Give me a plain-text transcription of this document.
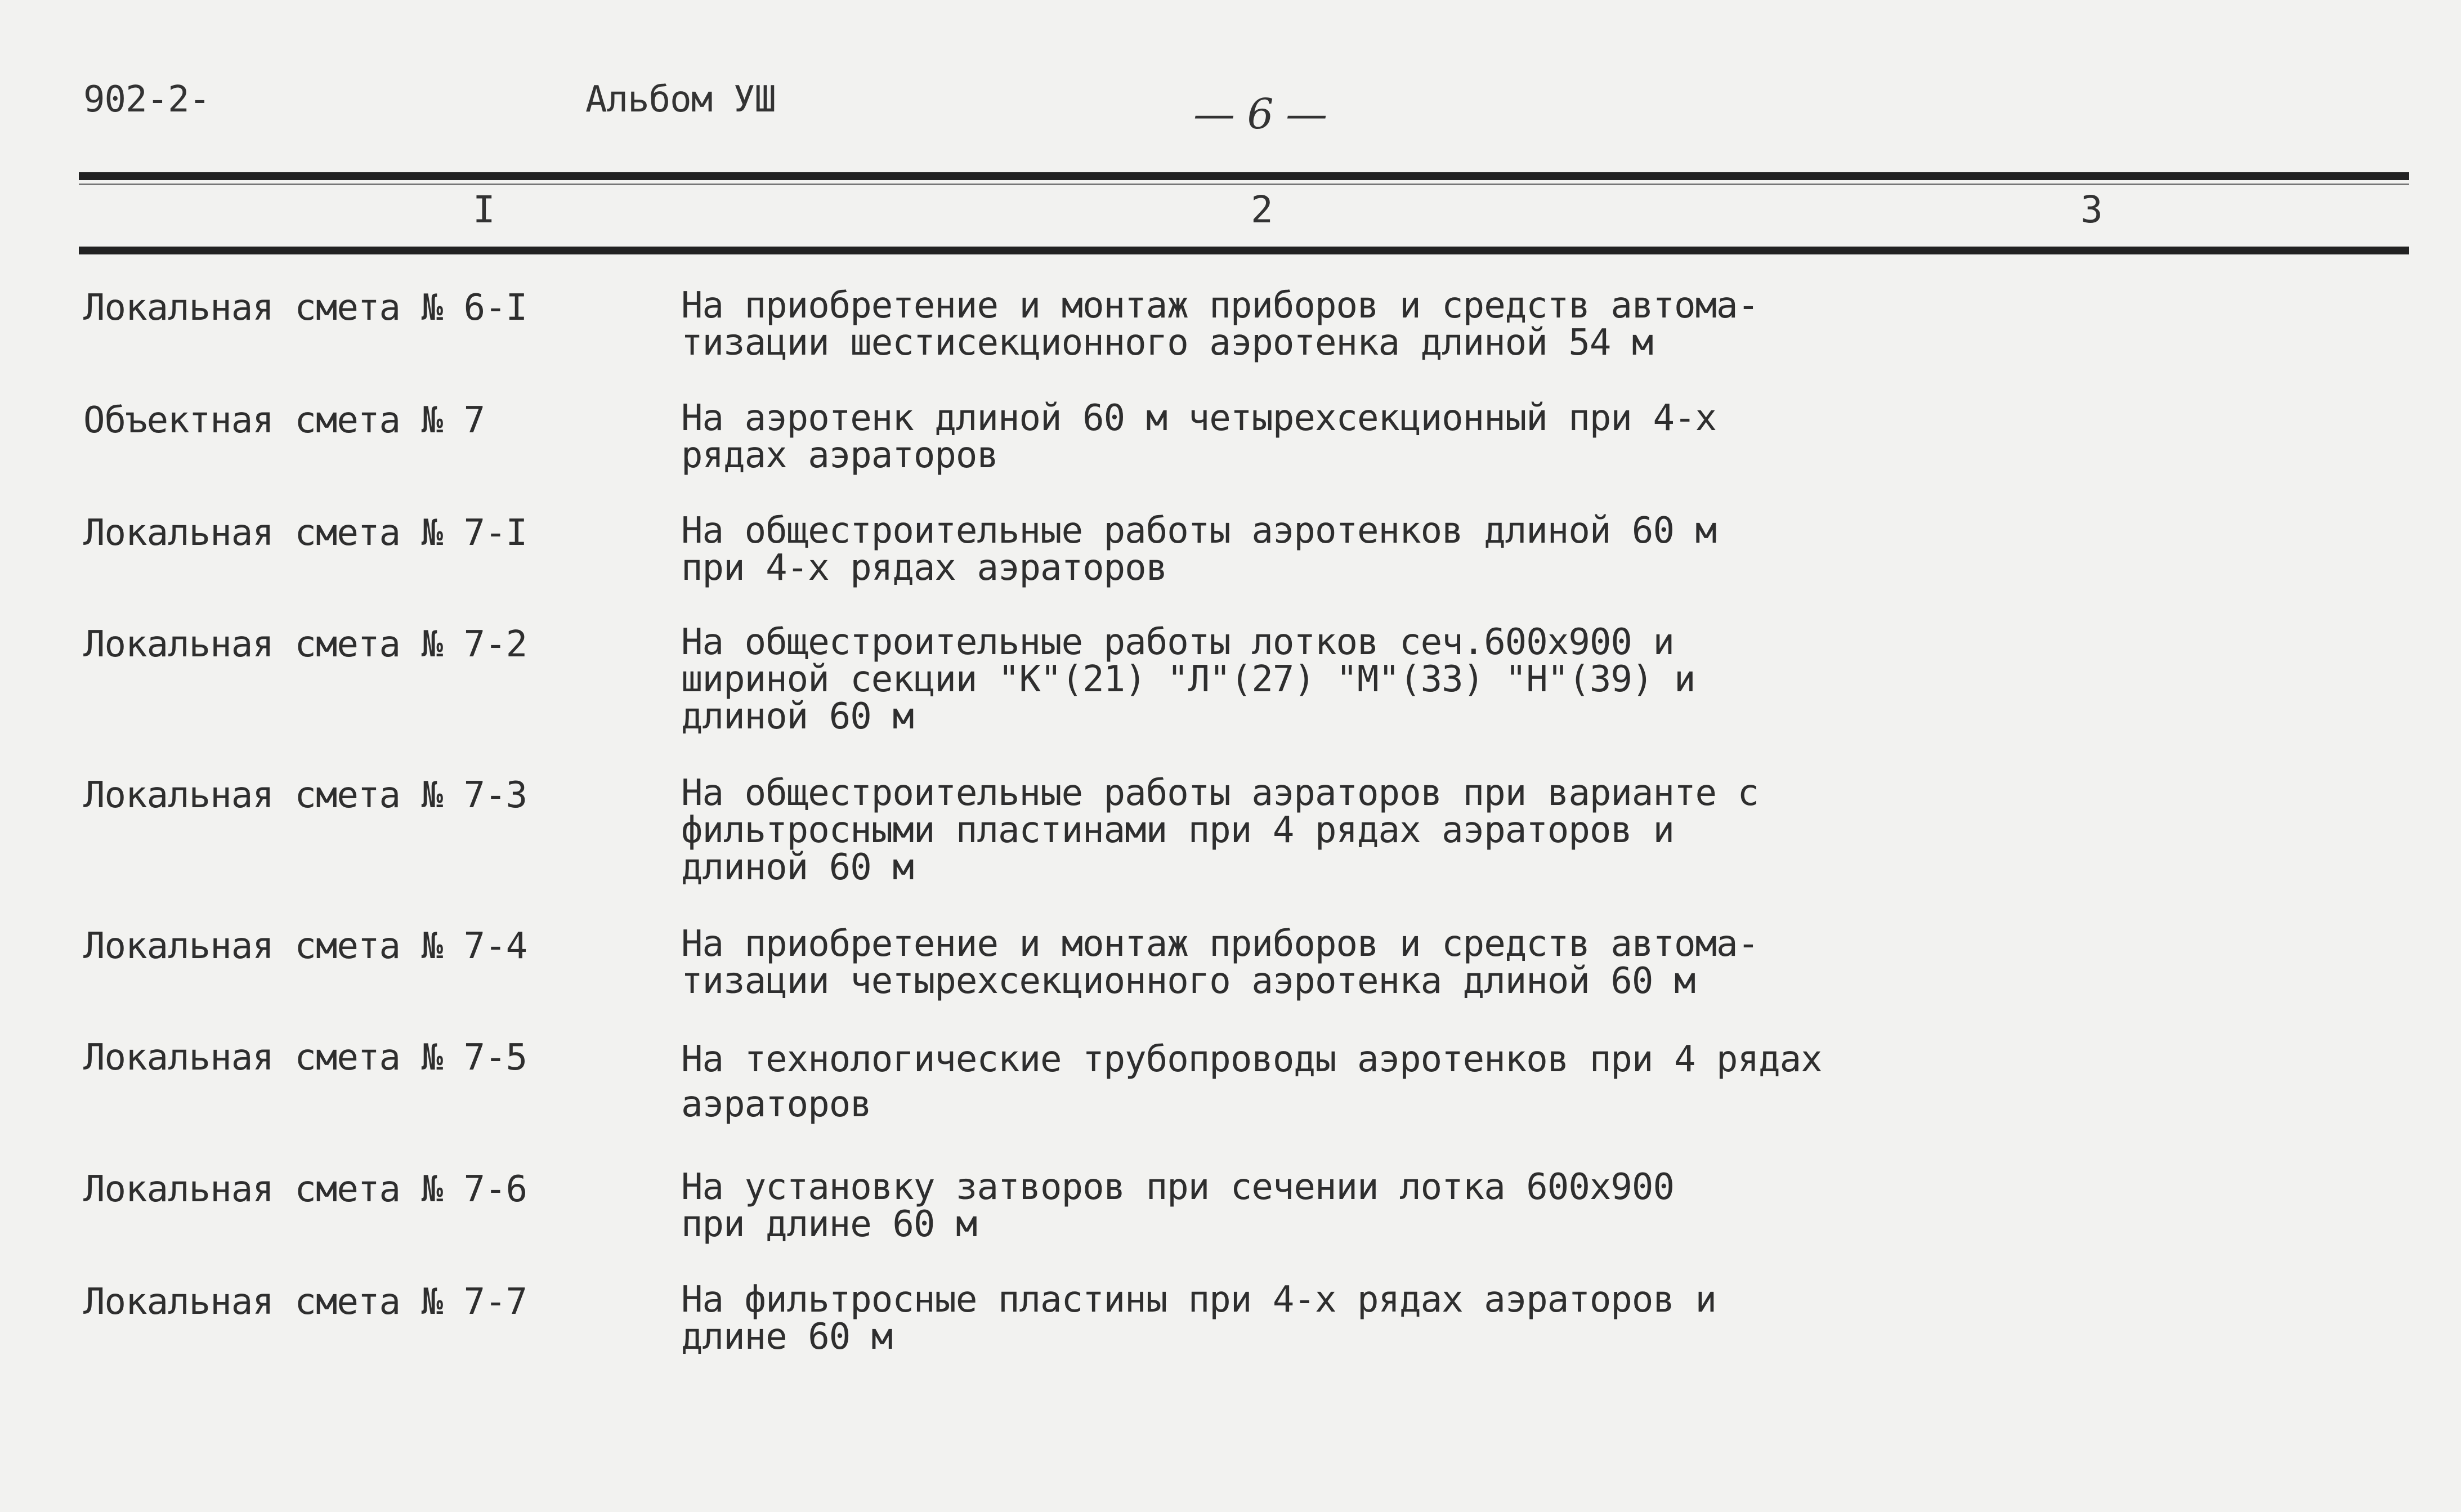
902-2-	Альбом УШ	— 6 —
I	2	3
Локальная смета № 6-I	На приобретение и монтаж приборов и средств автома-
тизации шестисекционного аэротенка длиной 54 м
Объектная смета № 7	На аэротенк длиной 60 м четырехсекционный при 4-х
рядах аэраторов
Локальная смета № 7-I	На общестроительные работы аэротенков длиной 60 м
при 4-х рядах аэраторов
Локальная смета № 7-2	На общестроительные работы лотков сеч.600х900 и
шириной секции "К"(21) "Л"(27) "М"(33) "Н"(39) и
длиной 60 м
Локальная смета № 7-3	На общестроительные работы аэраторов при варианте с
фильтросными пластинами при 4 рядах аэраторов и
длиной 60 м
Локальная смета № 7-4	На приобретение и монтаж приборов и средств автома-
тизации четырехсекционного аэротенка длиной 60 м
Локальная смета № 7-5	На технологические трубопроводы аэротенков при 4 рядах
аэраторов
Локальная смета № 7-6	На установку затворов при сечении лотка 600х900
при длине 60 м
Локальная смета № 7-7	На фильтросные пластины при 4-х рядах аэраторов и
длине 60 м
